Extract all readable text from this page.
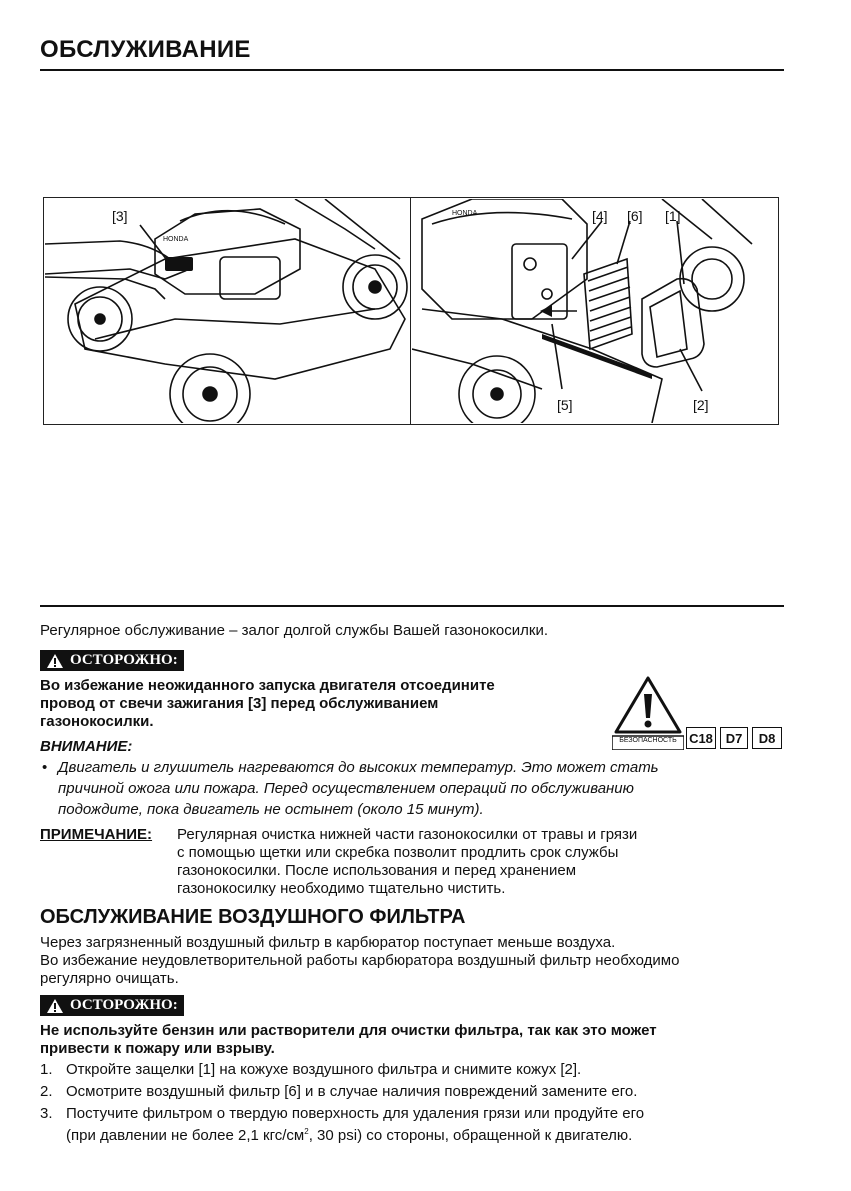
ОБСЛУЖИВАНИЕ
HONDA
[3]	HONDA	[4] [6] [1]
[5]	[2]
Регулярное обслуживание – залог долгой службы Вашей газонокосилки.
ОСТОРОЖНО:
Во избежание неожиданного запуска двигателя отсоедините
провод от свечи зажигания [3] перед обслуживанием
газонокосилки.
БЕЗОПАСНОСТЬ C18 D7	D8
ВНИМАНИЕ:
• Двигатель и глушитель нагреваются до высоких температур. Это может стать
причиной ожога или пожара. Перед осуществлением операций по обслуживанию
подождите, пока двигатель не остынет (около 15 минут).
ПРИМЕЧАНИЕ: Регулярная очистка нижней части газонокосилки от травы и грязи
с помощью щетки или скребка позволит продлить срок службы
газонокосилки. После использования и перед хранением
газонокосилку необходимо тщательно чистить.
ОБСЛУЖИВАНИЕ ВОЗДУШНОГО ФИЛЬТРА
Через загрязненный воздушный фильтр в карбюратор поступает меньше воздуха.
Во избежание неудовлетворительной работы карбюратора воздушный фильтр необходимо
регулярно очищать.
ОСТОРОЖНО:
Не используйте бензин или растворители для очистки фильтра, так как это может
привести к пожару или взрыву.
1. Откройте защелки [1] на кожухе воздушного фильтра и снимите кожух [2].
2. Осмотрите воздушный фильтр [6] и в случае наличия повреждений замените его.
3. Постучите фильтром о твердую поверхность для удаления грязи или продуйте его
(при давлении не более 2,1 кгс/$см^2$, 30 psi) со стороны, обращенной к двигателю.
